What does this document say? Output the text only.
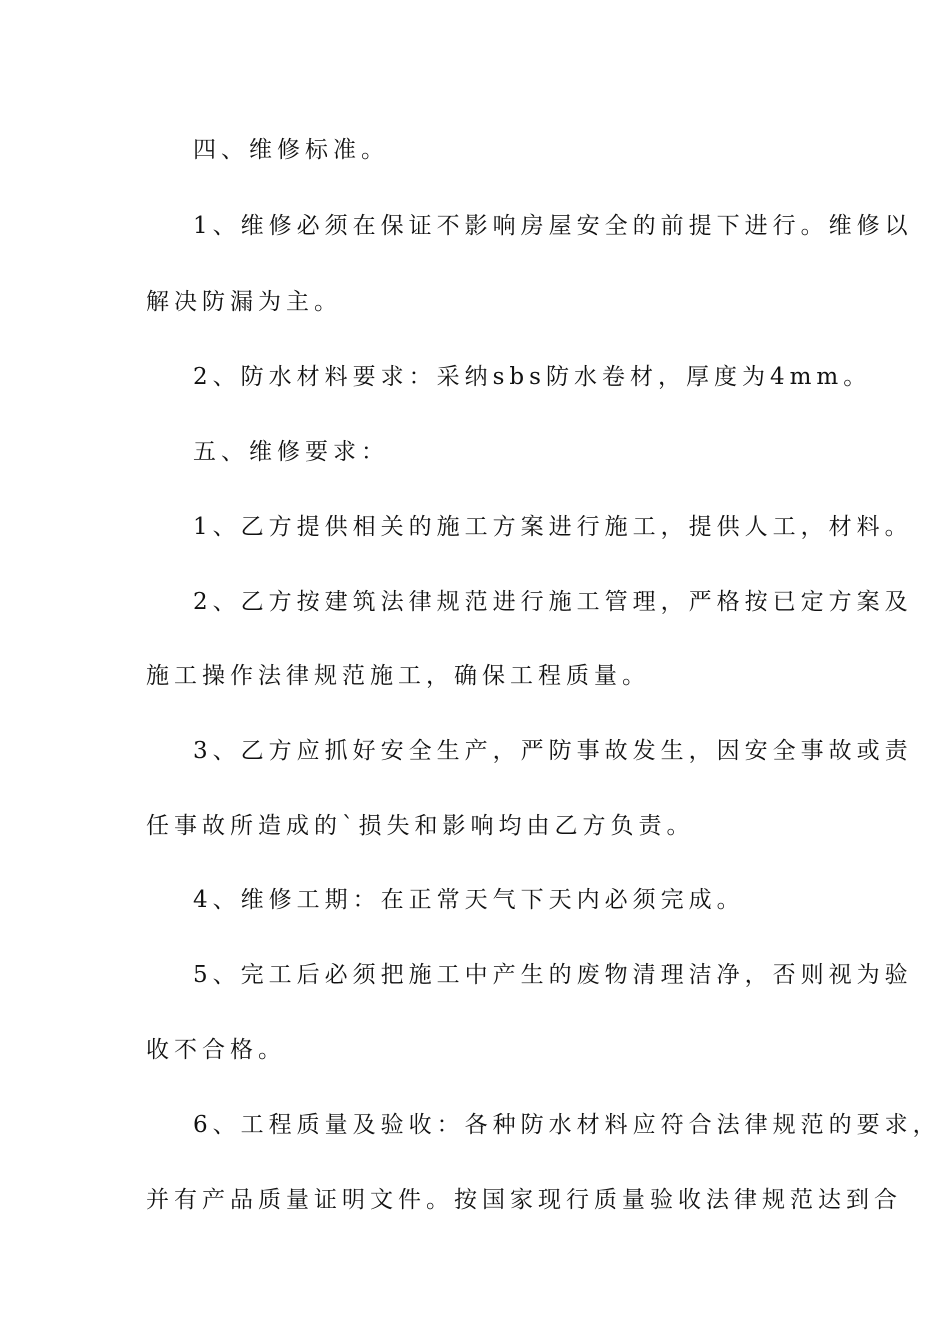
四、维修标准。
1、维修必须在保证不影响房屋安全的前提下进行。维修以
解决防漏为主。
2、防水材料要求：采纳sbs防水卷材，厚度为4mm。
五、维修要求：
1、乙方提供相关的施工方案进行施工，提供人工，材料。
2、乙方按建筑法律规范进行施工管理，严格按已定方案及
施工操作法律规范施工，确保工程质量。
3、乙方应抓好安全生产，严防事故发生，因安全事故或责
任事故所造成的`损失和影响均由乙方负责。
4、维修工期：在正常天气下天内必须完成。
5、完工后必须把施工中产生的废物清理洁净，否则视为验
收不合格。
6、工程质量及验收：各种防水材料应符合法律规范的要求，
并有产品质量证明文件。按国家现行质量验收法律规范达到合
